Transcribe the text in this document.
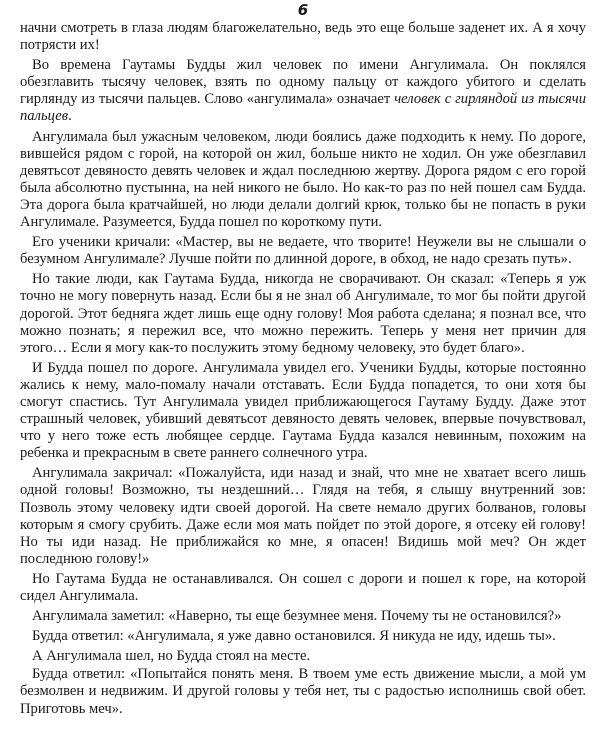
6

начни смотреть в глаза людям благожелательно, ведь это еще больше заденет их. А я хочу потрясти их!

Во времена Гаутамы Будды жил человек по имени Ангулимала. Он поклялся обезглавить тысячу человек, взять по одному пальцу от каждого убитого и сделать гирлянду из тысячи пальцев. Слово «ангулимала» означает человек с гирляндой из тысячи пальцев.

Ангулимала был ужасным человеком, люди боялись даже подходить к нему. По дороге, вившейся рядом с горой, на которой он жил, больше никто не ходил. Он уже обезглавил девятьсот девяносто девять человек и ждал последнюю жертву. Дорога рядом с его горой была абсолютно пустынна, на ней никого не было. Но как-то раз по ней пошел сам Будда. Эта дорога была кратчайшей, но люди делали долгий крюк, только бы не попасть в руки Ангулимале. Разумеется, Будда пошел по короткому пути.

Его ученики кричали: «Мастер, вы не ведаете, что творите! Неужели вы не слышали о безумном Ангулимале? Лучше пойти по длинной дороге, в обход, не надо срезать путь».

Но такие люди, как Гаутама Будда, никогда не сворачивают. Он сказал: «Теперь я уж точно не могу повернуть назад. Если бы я не знал об Ангулимале, то мог бы пойти другой дорогой. Этот бедняга ждет лишь еще одну голову! Моя работа сделана; я познал все, что можно познать; я пережил все, что можно пережить. Теперь у меня нет причин для этого… Если я могу как-то послужить этому бедному человеку, это будет благо».

И Будда пошел по дороге. Ангулимала увидел его. Ученики Будды, которые постоянно жались к нему, мало-помалу начали отставать. Если Будда попадется, то они хотя бы смогут спастись. Тут Ангулимала увидел приближающегося Гаутаму Будду. Даже этот страшный человек, убивший девятьсот девяносто девять человек, впервые почувствовал, что у него тоже есть любящее сердце. Гаутама Будда казался невинным, похожим на ребенка и прекрасным в свете раннего солнечного утра.

Ангулимала закричал: «Пожалуйста, иди назад и знай, что мне не хватает всего лишь одной головы! Возможно, ты нездешний… Глядя на тебя, я слышу внутренний зов: Позволь этому человеку идти своей дорогой. На свете немало других болванов, головы которым я смогу срубить. Даже если моя мать пойдет по этой дороге, я отсеку ей голову! Но ты иди назад. Не приближайся ко мне, я опасен! Видишь мой меч? Он ждет последнюю голову!»

Но Гаутама Будда не останавливался. Он сошел с дороги и пошел к горе, на которой сидел Ангулимала.

Ангулимала заметил: «Наверно, ты еще безумнее меня. Почему ты не остановился?»

Будда ответил: «Ангулимала, я уже давно остановился. Я никуда не иду, идешь ты».

А Ангулимала шел, но Будда стоял на месте.

Будда ответил: «Попытайся понять меня. В твоем уме есть движение мысли, а мой ум безмолвен и недвижим. И другой головы у тебя нет, ты с радостью исполнишь свой обет. Приготовь меч».
